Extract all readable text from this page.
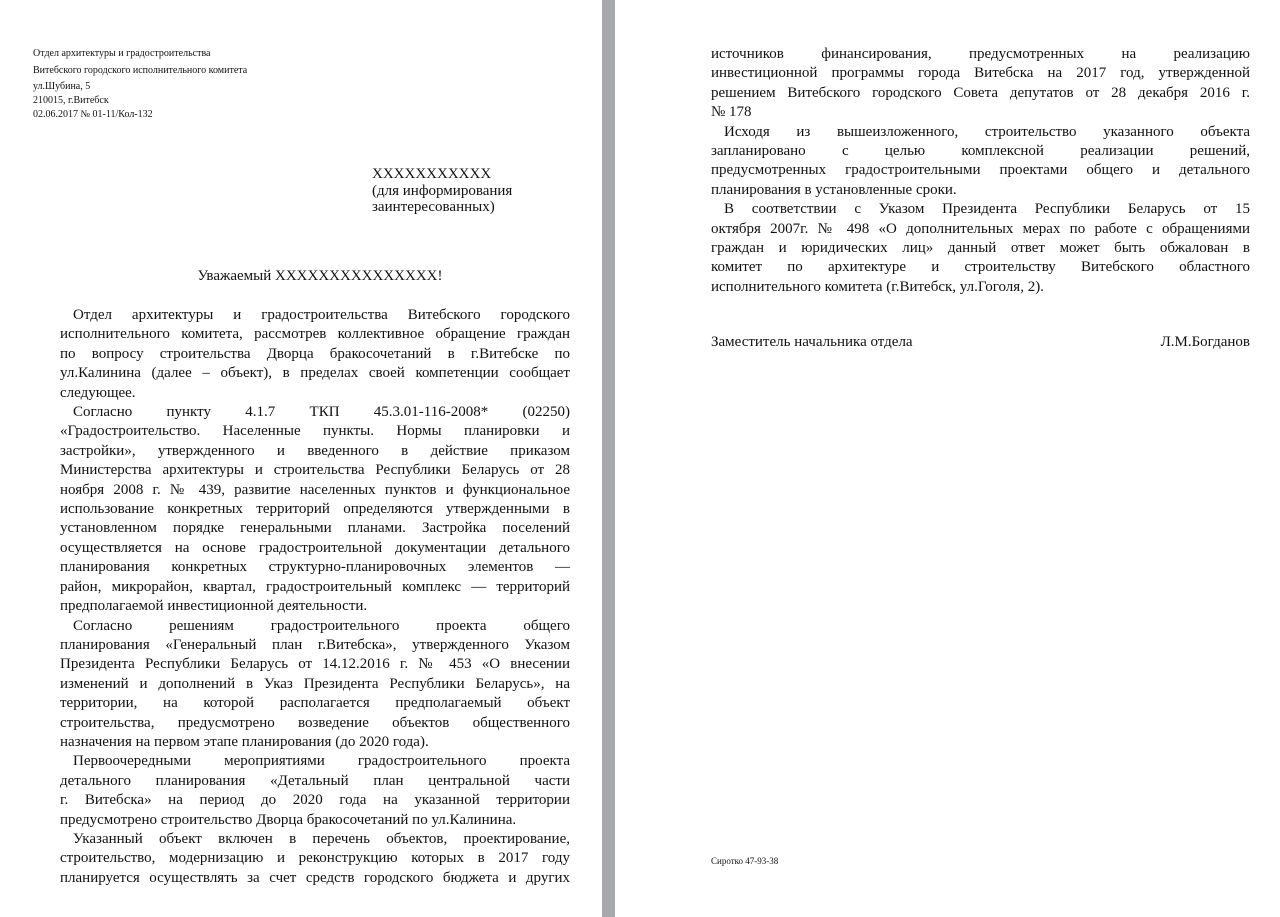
Отдел архитектуры и градостроительства
Витебского городского исполнительного комитета
ул.Шубина, 5
210015, г.Витебск
02.06.2017 № 01-11/Кол-132
XXXXXXXXXXX
(для информирования
заинтересованных)
Уважаемый XXXXXXXXXXXXXXX!
Отдел архитектуры и градостроительства Витебского городского
исполнительного комитета, рассмотрев коллективное обращение граждан
по вопросу строительства Дворца бракосочетаний в г.Витебске по
ул.Калинина (далее – объект), в пределах своей компетенции сообщает
следующее.
Согласно пункту 4.1.7 ТКП 45.3.01-116-2008* (02250)
«Градостроительство. Населенные пункты. Нормы планировки и
застройки», утвержденного и введенного в действие приказом
Министерства архитектуры и строительства Республики Беларусь от 28
ноября 2008 г. № 439, развитие населенных пунктов и функциональное
использование конкретных территорий определяются утвержденными в
установленном порядке генеральными планами. Застройка поселений
осуществляется на основе градостроительной документации детального
планирования конкретных структурно-планировочных элементов —
район, микрорайон, квартал, градостроительный комплекс — территорий
предполагаемой инвестиционной деятельности.
Согласно решениям градостроительного проекта общего
планирования «Генеральный план г.Витебска», утвержденного Указом
Президента Республики Беларусь от 14.12.2016 г. № 453 «О внесении
изменений и дополнений в Указ Президента Республики Беларусь», на
территории, на которой располагается предполагаемый объект
строительства, предусмотрено возведение объектов общественного
назначения на первом этапе планирования (до 2020 года).
Первоочередными мероприятиями градостроительного проекта
детального планирования «Детальный план центральной части
г. Витебска» на период до 2020 года на указанной территории
предусмотрено строительство Дворца бракосочетаний по ул.Калинина.
Указанный объект включен в перечень объектов, проектирование,
строительство, модернизацию и реконструкцию которых в 2017 году
планируется осуществлять за счет средств городского бюджета и других
источников финансирования, предусмотренных на реализацию
инвестиционной программы города Витебска на 2017 год, утвержденной
решением Витебского городского Совета депутатов от 28 декабря 2016 г.
№ 178
Исходя из вышеизложенного, строительство указанного объекта
запланировано с целью комплексной реализации решений,
предусмотренных градостроительными проектами общего и детального
планирования в установленные сроки.
В соответствии с Указом Президента Республики Беларусь от 15
октября 2007г. № 498 «О дополнительных мерах по работе с обращениями
граждан и юридических лиц» данный ответ может быть обжалован в
комитет по архитектуре и строительству Витебского областного
исполнительного комитета (г.Витебск, ул.Гоголя, 2).
Заместитель начальника отдела	Л.М.Богданов
Сиротко 47-93-38
